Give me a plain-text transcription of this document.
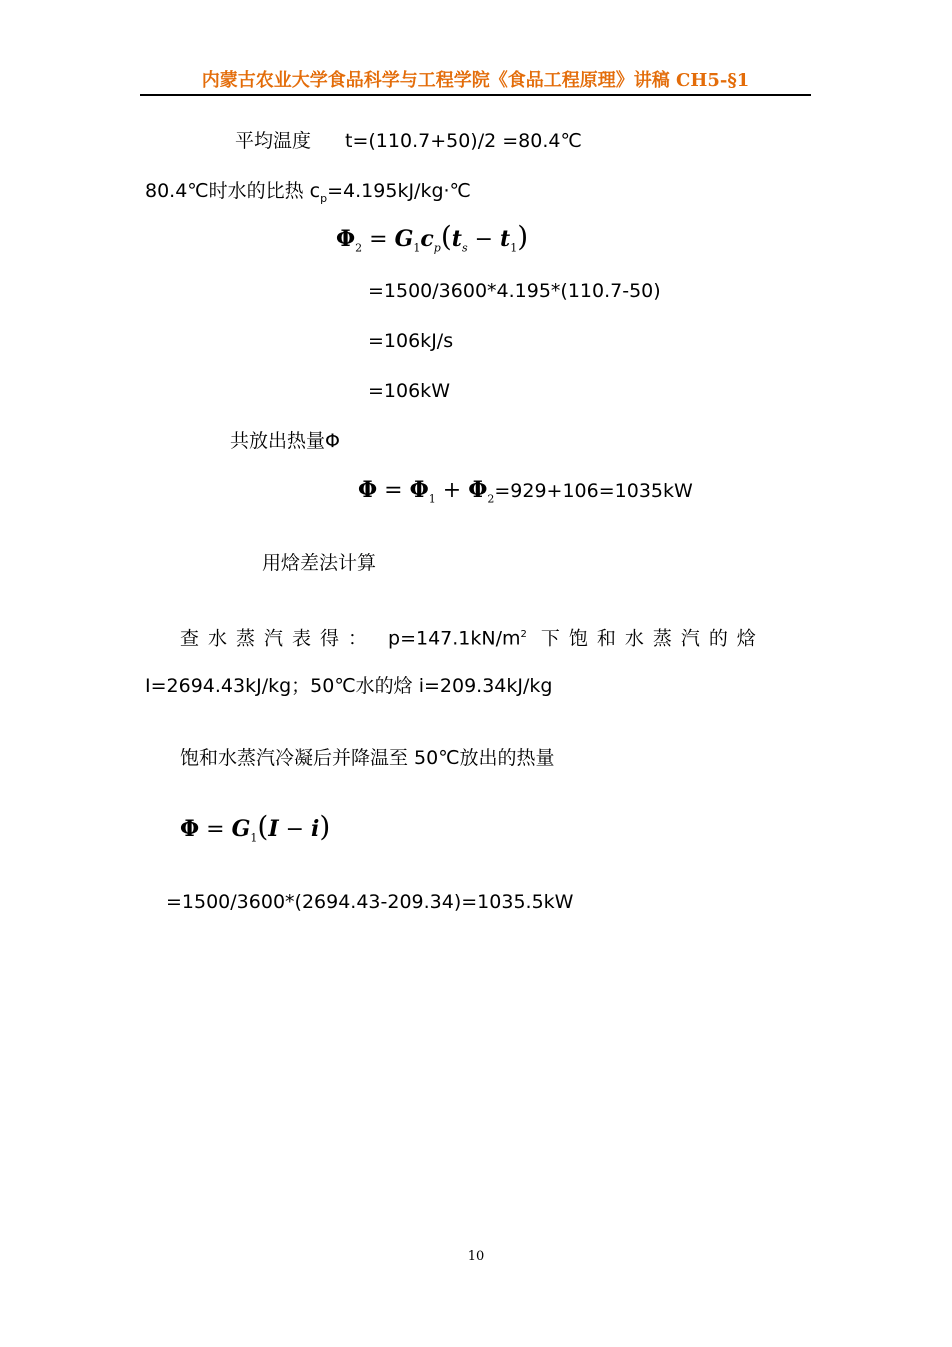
内蒙古农业大学食品科学与工程学院《食品工程原理》讲稿 CH5-§1
平均温度 t=(110.7+50)/2 =80.4℃
80.4℃时水的比热 $c_p=4.195kJ/kg\cdot℃$
$\Phi_2 = G_1c_p(t_s - t_1)$
=1500/3600*4.195*(110.7-50)
=106kJ/s
=106kW
共放出热量Φ
$\Phi = \Phi_1 + \Phi_2=929+106=1035kW$
用焓差法计算
查水蒸汽表得： $p=147.1kN/m^2$ 下饱和水蒸汽的焓
I=2694.43kJ/kg；50℃水的焓 i=209.34kJ/kg
饱和水蒸汽冷凝后并降温至 50℃放出的热量
$\Phi = G_1(I - i)$
=1500/3600*(2694.43-209.34)=1035.5kW
10
